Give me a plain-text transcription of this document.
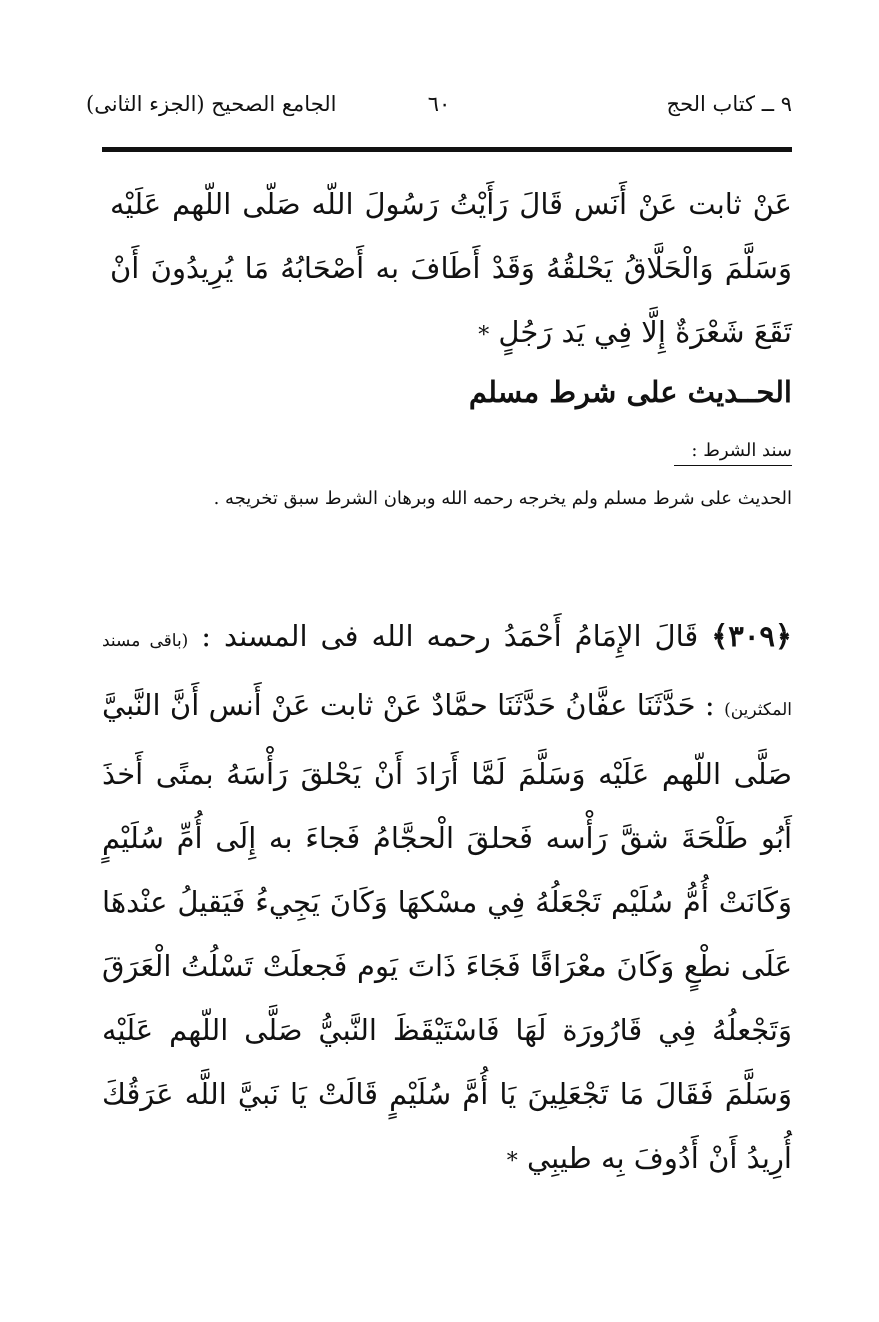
٩ ــ كتاب الحج
٦٠
الجامع الصحيح (الجزء الثانى)
عَنْ ثابت عَنْ أَنَس قَالَ رَأَيْتُ رَسُولَ اللّه صَلّى اللّهم عَلَيْه وَسَلَّمَ وَالْحَلَّاقُ يَحْلقُهُ وَقَدْ أَطَافَ به أَصْحَابُهُ مَا يُرِيدُونَ أَنْ تَقَعَ شَعْرَةٌ إِلَّا فِي يَد رَجُلٍ *
الحــديث على شرط مسلم
سند الشرط :
الحديث على شرط مسلم ولم يخرجه رحمه الله وبرهان الشرط سبق تخريجه .
﴿٣٠٩﴾ قَالَ الإِمَامُ أَحْمَدُ رحمه الله فى المسند : (باقى مسند المكثرين) : حَدَّثَنَا عفَّانُ حَدَّثَنَا حمَّادٌ عَنْ ثابت عَنْ أَنس أَنَّ النَّبيَّ صَلَّى اللّهم عَلَيْه وَسَلَّمَ لَمَّا أَرَادَ أَنْ يَحْلقَ رَأْسَهُ بمنًى أَخذَ أَبُو طَلْحَةَ شقَّ رَأْسه فَحلقَ الْحجَّامُ فَجاءَ به إِلَى أُمِّ سُلَيْمٍ وَكَانَتْ أُمُّ سُلَيْم تَجْعَلُهُ فِي مسْكهَا وَكَانَ يَجِيءُ فَيَقيلُ عنْدهَا عَلَى نطْعٍ وَكَانَ معْرَاقًا فَجَاءَ ذَاتَ يَوم فَجعلَتْ تَسْلُتُ الْعَرَقَ وَتَجْعلُهُ فِي قَارُورَة لَهَا فَاسْتَيْقَظَ النَّبيُّ صَلَّى اللّهم عَلَيْه وَسَلَّمَ فَقَالَ مَا تَجْعَلِينَ يَا أُمَّ سُلَيْمٍ قَالَتْ يَا نَبيَّ اللَّه عَرَقُكَ أُرِيدُ أَنْ أَدُوفَ بِه طيبِي *
